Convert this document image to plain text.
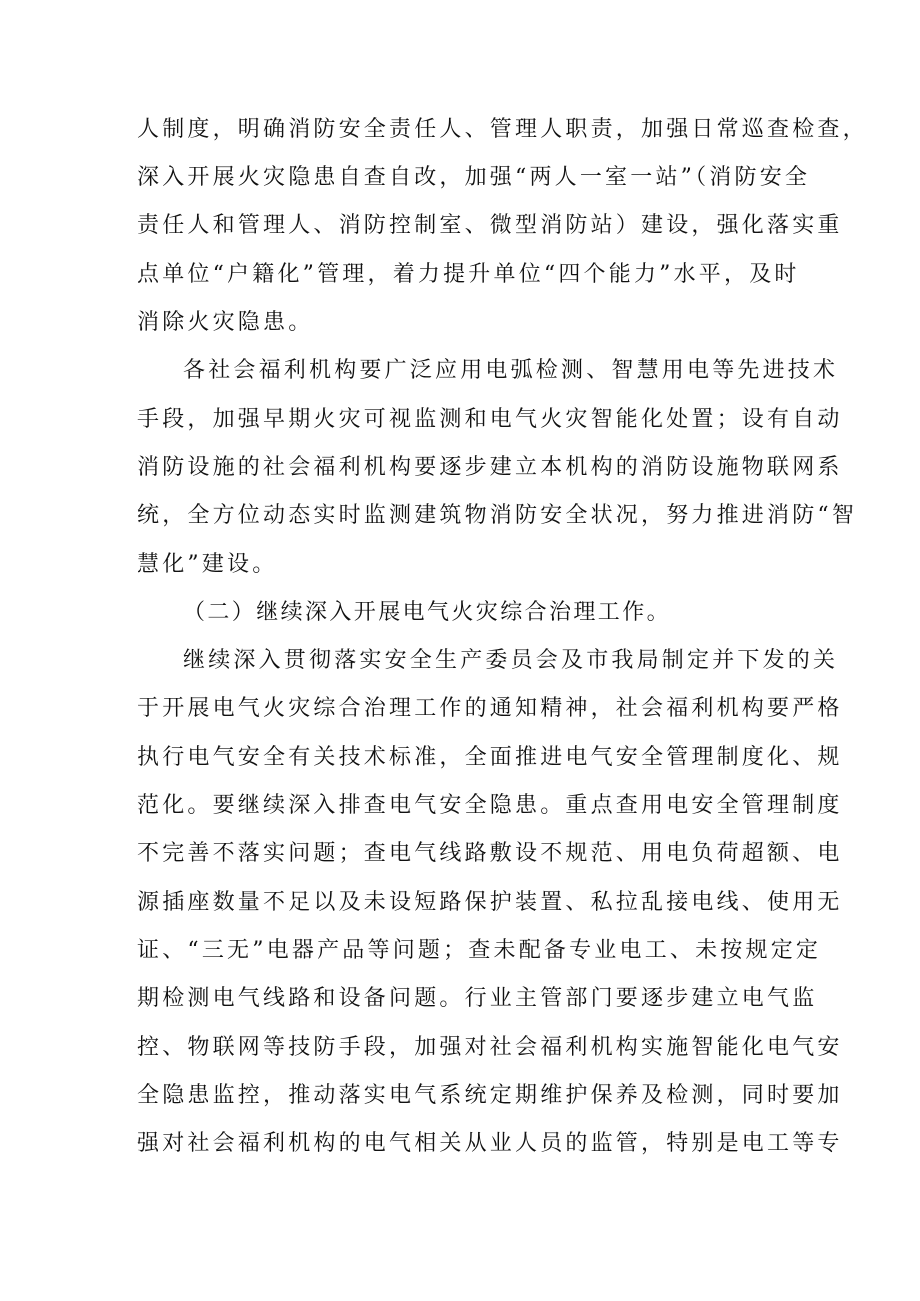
人制度，明确消防安全责任人、管理人职责，加强日常巡查检查，
深入开展火灾隐患自查自改，加强“两人一室一站”（消防安全
责任人和管理人、消防控制室、微型消防站）建设，强化落实重
点单位“户籍化”管理，着力提升单位“四个能力”水平，及时
消除火灾隐患。
各社会福利机构要广泛应用电弧检测、智慧用电等先进技术
手段，加强早期火灾可视监测和电气火灾智能化处置；设有自动
消防设施的社会福利机构要逐步建立本机构的消防设施物联网系
统，全方位动态实时监测建筑物消防安全状况，努力推进消防“智
慧化”建设。
（二）继续深入开展电气火灾综合治理工作。
继续深入贯彻落实安全生产委员会及市我局制定并下发的关
于开展电气火灾综合治理工作的通知精神，社会福利机构要严格
执行电气安全有关技术标准，全面推进电气安全管理制度化、规
范化。要继续深入排查电气安全隐患。重点查用电安全管理制度
不完善不落实问题；查电气线路敷设不规范、用电负荷超额、电
源插座数量不足以及未设短路保护装置、私拉乱接电线、使用无
证、“三无”电器产品等问题；查未配备专业电工、未按规定定
期检测电气线路和设备问题。行业主管部门要逐步建立电气监
控、物联网等技防手段，加强对社会福利机构实施智能化电气安
全隐患监控，推动落实电气系统定期维护保养及检测，同时要加
强对社会福利机构的电气相关从业人员的监管，特别是电工等专
